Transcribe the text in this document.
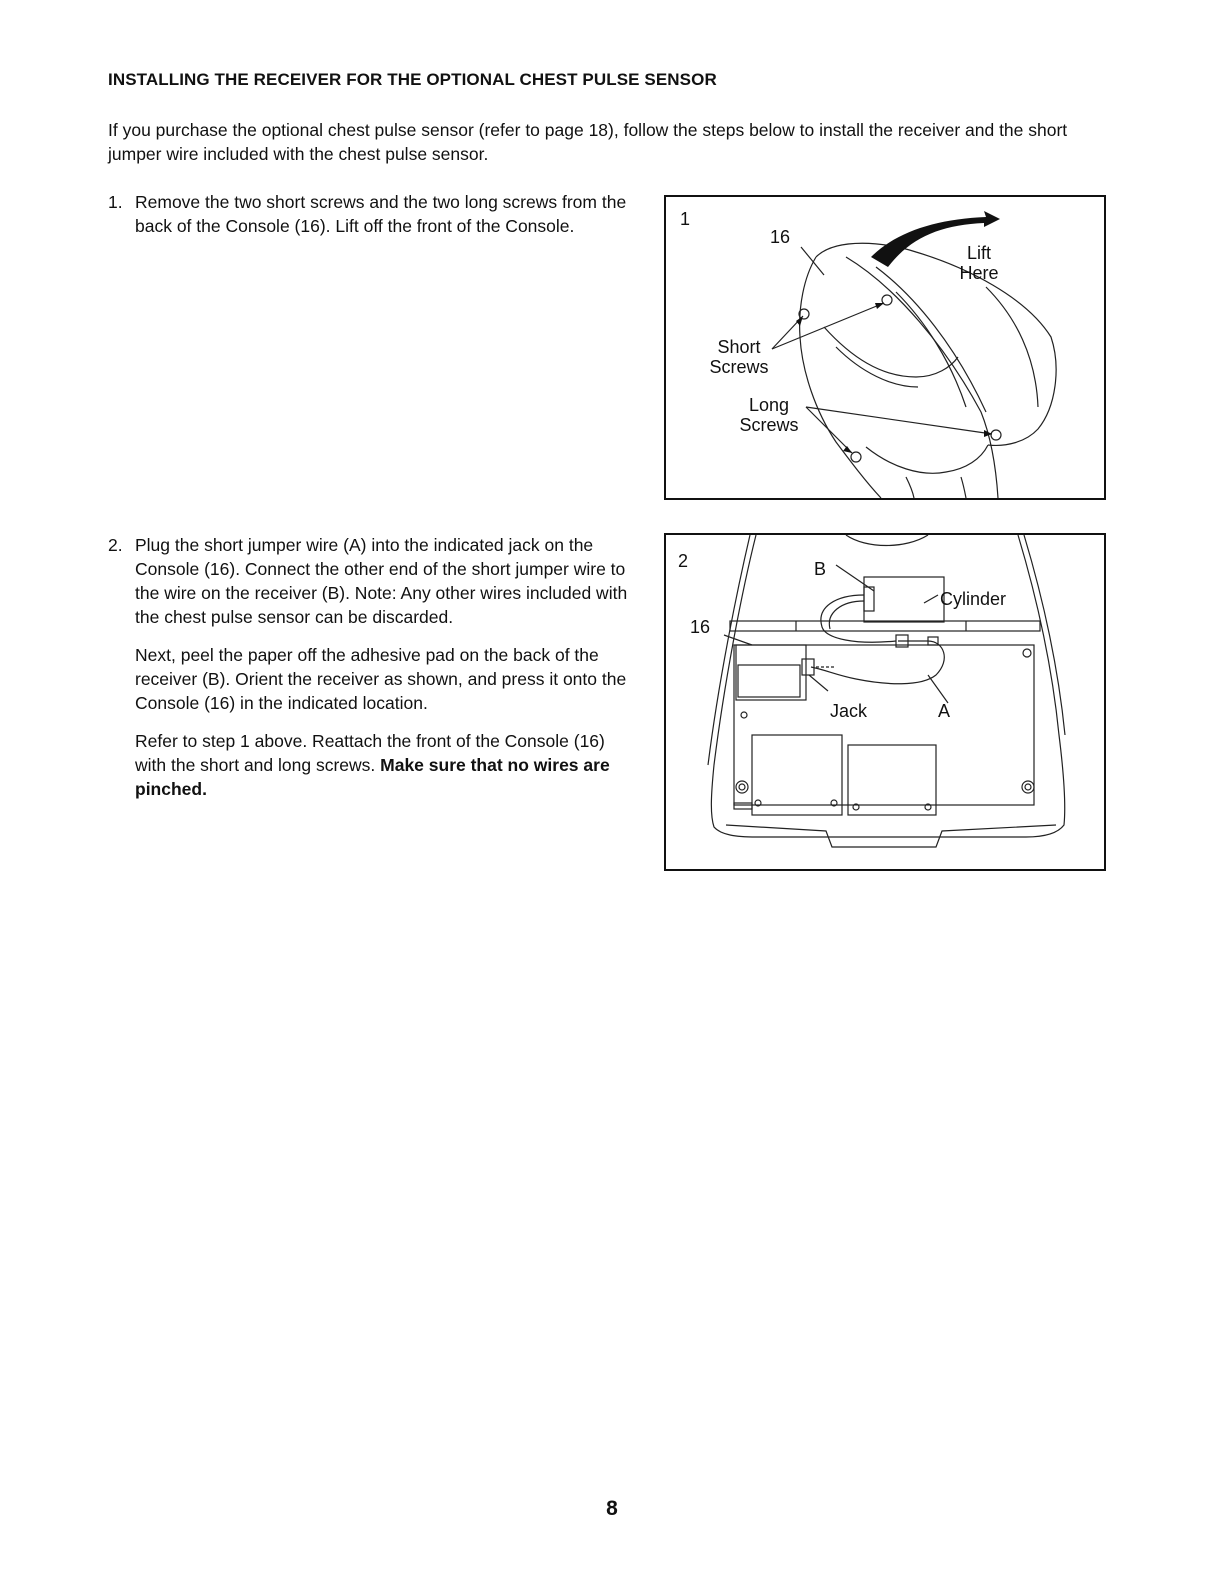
INSTALLING THE RECEIVER FOR THE OPTIONAL CHEST PULSE SENSOR
If you purchase the optional chest pulse sensor (refer to page 18), follow the steps below to install the receiver and the short jumper wire included with the chest pulse sensor.
1. Remove the two short screws and the two long screws from the back of the Console (16). Lift off the front of the Console.

2. Plug the short jumper wire (A) into the indicated jack on the Console (16). Connect the other end of the short jumper wire to the wire on the receiver (B). Note: Any other wires included with the chest pulse sensor can be discarded.

Next, peel the paper off the adhesive pad on the back of the receiver (B). Orient the receiver as shown, and press it onto the Console (16) in the indicated location.

Refer to step 1 above. Reattach the front of the Console (16) with the short and long screws. Make sure that no wires are pinched.

1
16
Lift
Here
Short
Screws
Long
Screws
2	B
Cylinder
16
Jack	A
8
